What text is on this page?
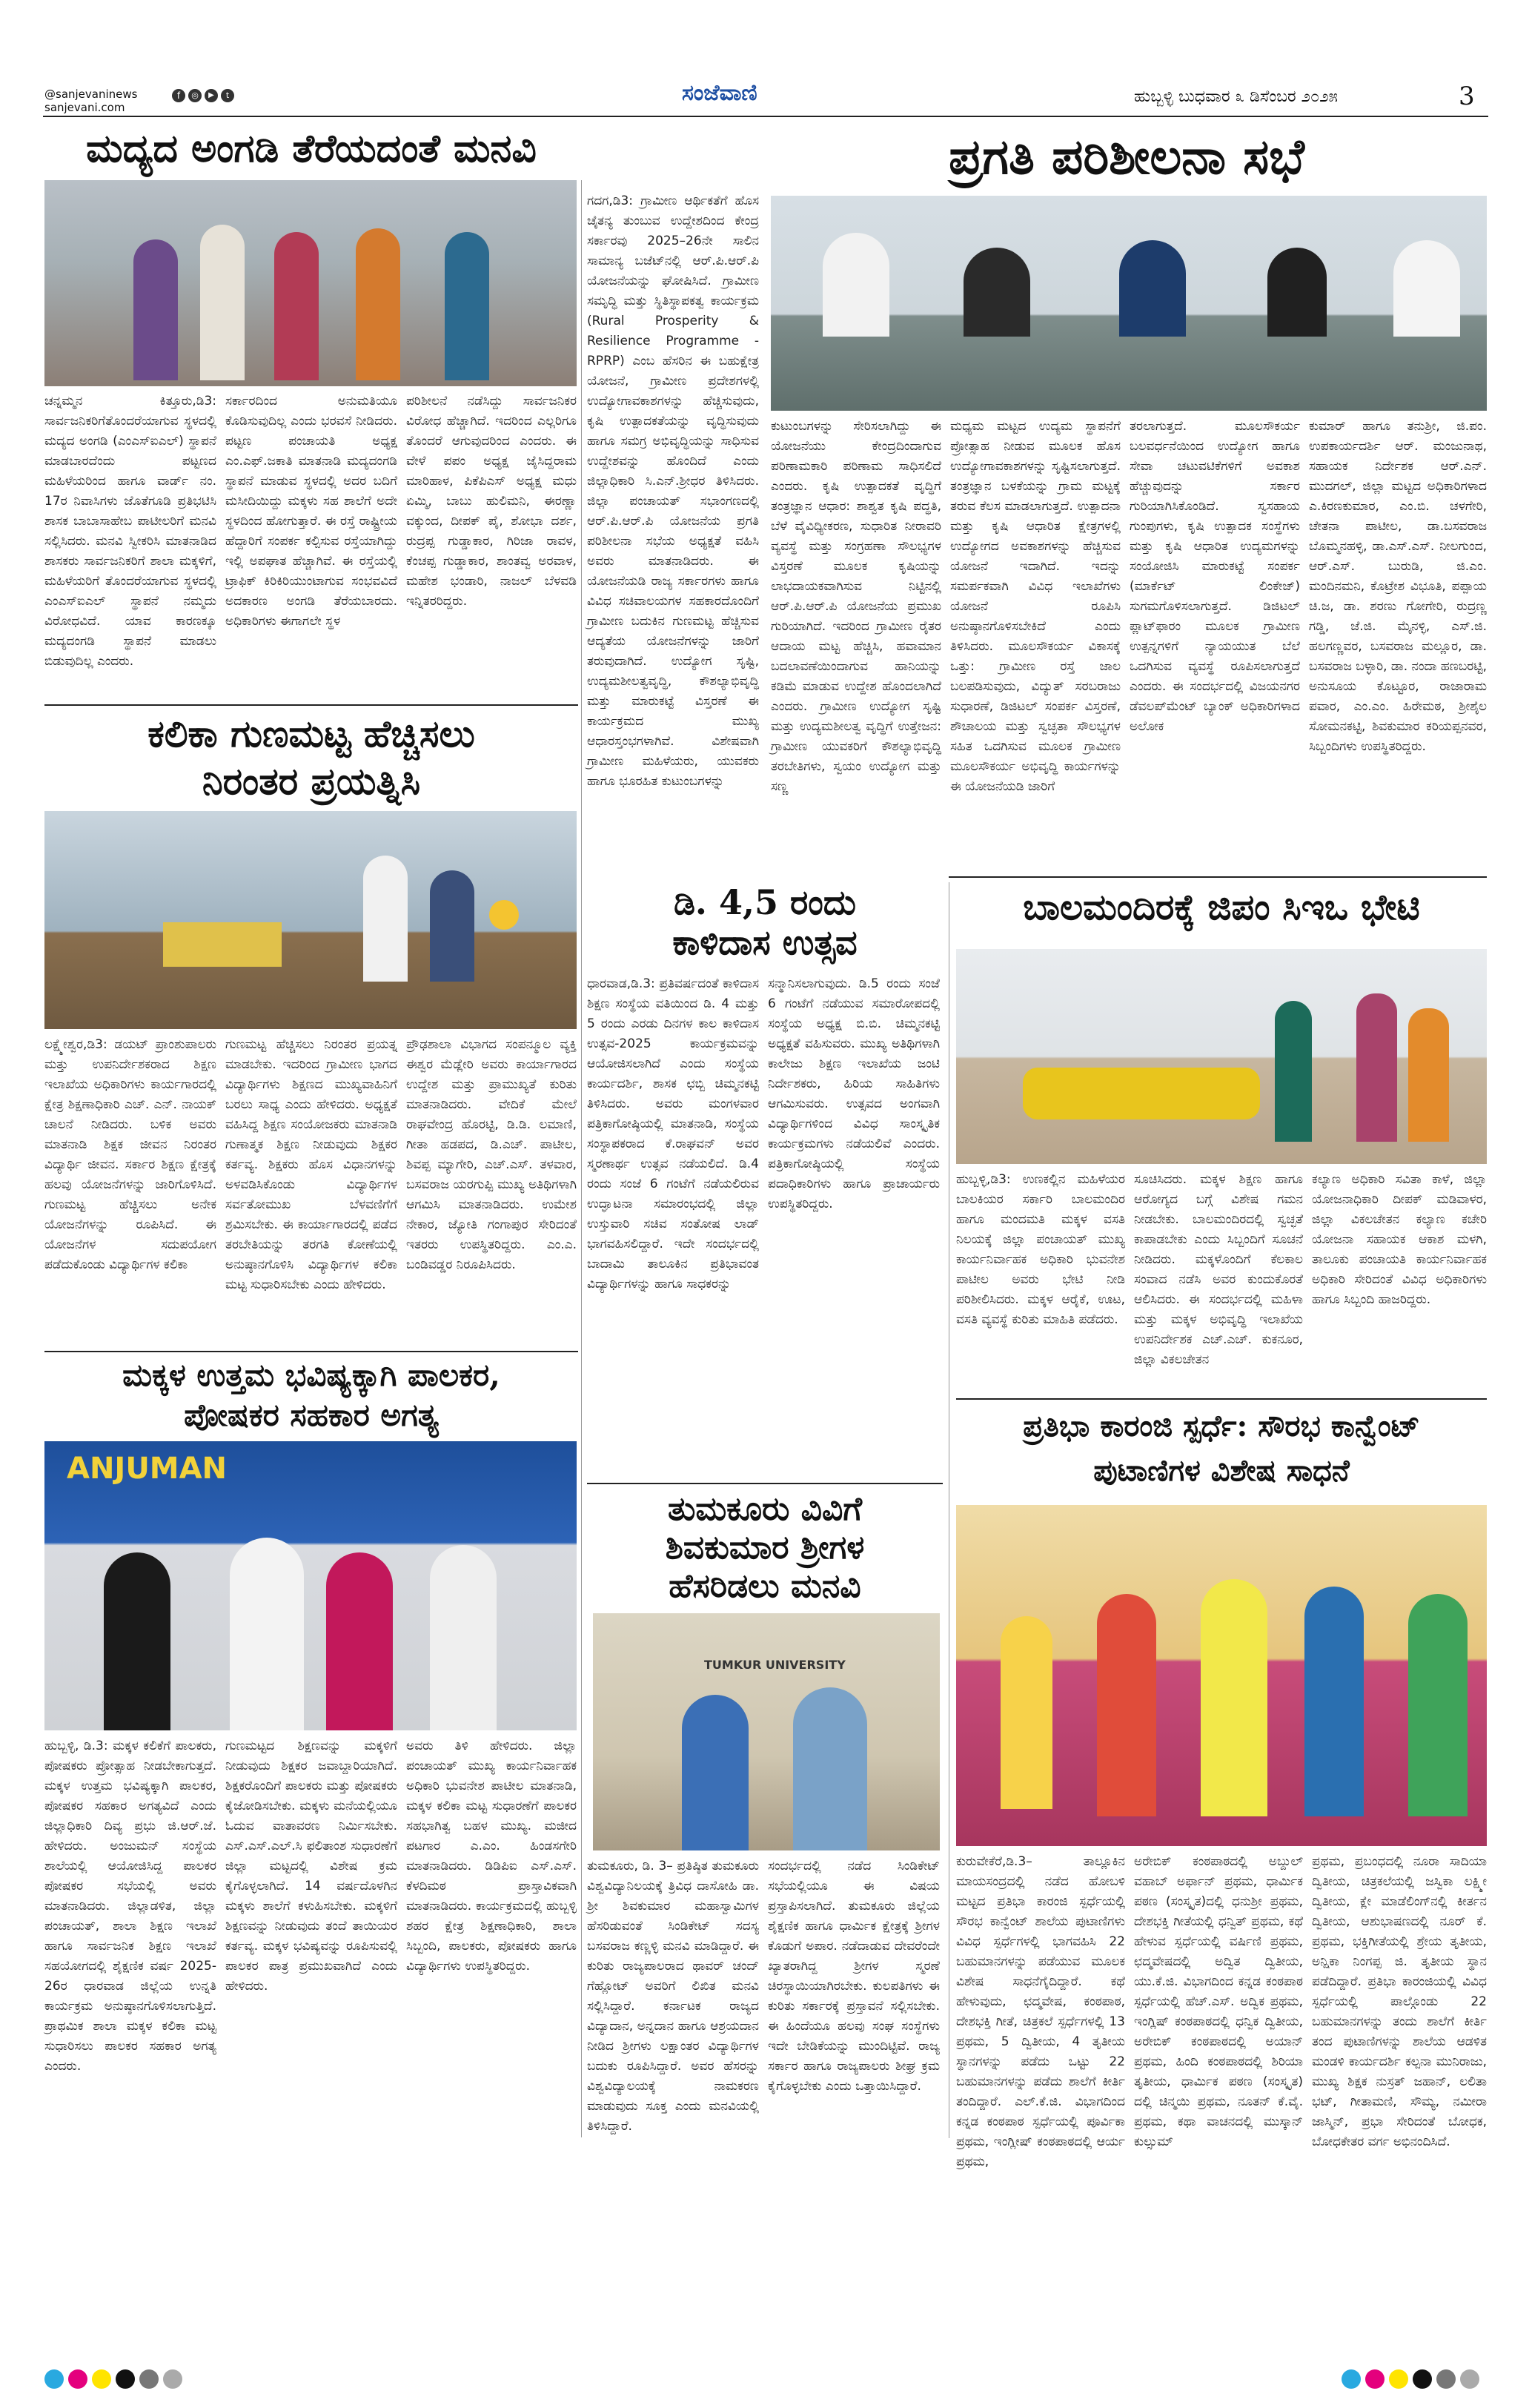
@sanjevaninews
sanjevani.com
f	◎	▶	t	ಸಂಜೆವಾಣಿ	ಹುಬ್ಬಳ್ಳಿ ಬುಧವಾರ ೩ ಡಿಸೆಂಬರ ೨೦೨೫	3
ಮದ್ಯದ ಅಂಗಡಿ ತೆರೆಯದಂತೆ ಮನವಿ
ಚನ್ನಮ್ಮನ ಕಿತ್ತೂರು,ಡಿ3: ಸಾರ್ವಜನಿಕರಿಗೆತೊಂದರೆಯಾಗುವ ಸ್ಥಳದಲ್ಲಿ ಮದ್ಯದ ಅಂಗಡಿ (ಎಂಎಸ್‌ಐಎಲ್) ಸ್ಥಾಪನೆ ಮಾಡಬಾರದೆಂದು ಪಟ್ಟಣದ ಮಹಿಳೆಯರಿಂದ ಹಾಗೂ ವಾರ್ಡ್ ನಂ. 17ರ ನಿವಾಸಿಗಳು ಜೊತೆಗೂಡಿ ಪ್ರತಿಭಟಿಸಿ ಶಾಸಕ ಬಾಬಾಸಾಹೇಬ ಪಾಟೀಲರಿಗೆ ಮನವಿ ಸಲ್ಲಿಸಿದರು. ಮನವಿ ಸ್ವೀಕರಿಸಿ ಮಾತನಾಡಿದ ಶಾಸಕರು ಸಾರ್ವಜನಿಕರಿಗೆ ಶಾಲಾ ಮಕ್ಕಳಿಗೆ, ಮಹಿಳೆಯರಿಗೆ ತೊಂದರೆಯಾಗುವ ಸ್ಥಳದಲ್ಲಿ ಎಂಎಸ್‌ಐಎಲ್ ಸ್ಥಾಪನೆ ನಮ್ಮದು ವಿರೋಧವಿದೆ. ಯಾವ ಕಾರಣಕ್ಕೂ ಮದ್ಯದಂಗಡಿ ಸ್ಥಾಪನೆ ಮಾಡಲು ಬಿಡುವುದಿಲ್ಲ ಎಂದರು.
ಸರ್ಕಾರದಿಂದ ಅನುಮತಿಯೂ ಕೊಡಿಸುವುದಿಲ್ಲ ಎಂದು ಭರವಸೆ ನೀಡಿದರು. ಪಟ್ಟಣ ಪಂಚಾಯತಿ ಅಧ್ಯಕ್ಷ ಎಂ.ಎಫ್.ಜಕಾತಿ ಮಾತನಾಡಿ ಮದ್ಯದಂಗಡಿ ಸ್ಥಾಪನೆ ಮಾಡುವ ಸ್ಥಳದಲ್ಲಿ ಅದರ ಬದಿಗೆ ಮಸೀದಿಯಿದ್ದು ಮಕ್ಕಳು ಸಹ ಶಾಲೆಗೆ ಅದೇ ಸ್ಥಳದಿಂದ ಹೋಗುತ್ತಾರೆ. ಈ ರಸ್ತೆ ರಾಷ್ಟ್ರೀಯ ಹೆದ್ದಾರಿಗೆ ಸಂಪರ್ಕ ಕಲ್ಪಿಸುವ ರಸ್ತೆಯಾಗಿದ್ದು ಇಲ್ಲಿ ಅಪಘಾತ ಹೆಚ್ಚಾಗಿವೆ. ಈ ರಸ್ತೆಯಲ್ಲಿ ಟ್ರಾಫಿಕ್ ಕಿರಿಕಿರಿಯುಂಟಾಗುವ ಸಂಭವವಿದೆ ಅದಕಾರಣ ಅಂಗಡಿ ತೆರೆಯಬಾರದು. ಅಧಿಕಾರಿಗಳು ಈಗಾಗಲೇ ಸ್ಥಳ
ಪರಿಶೀಲನೆ ನಡೆಸಿದ್ದು ಸಾರ್ವಜನಿಕರ ವಿರೋಧ ಹೆಚ್ಚಾಗಿದೆ. ಇದರಿಂದ ಎಲ್ಲರಿಗೂ ತೊಂದರೆ ಆಗುವುದರಿಂದ ಎಂದರು. ಈ ವೇಳೆ ಪಪಂ ಅಧ್ಯಕ್ಷ ಜೈಸಿದ್ದರಾಮ ಮಾರಿಹಾಳ, ಪಿಕೆಪಿಎಸ್ ಅಧ್ಯಕ್ಷ ಮಧು ಏಮ್ಮಿ, ಬಾಬು ಹುಲಿಮನಿ, ಈರಣ್ಣಾ ವಕ್ಕುಂದ, ದೀಪಕ್ ಪೈ, ಶೋಭಾ ದರ್ಶ, ರುದ್ರಪ್ಪ ಗುಡ್ಡಾಕಾರ, ಗಿರಿಜಾ ರಾವಳ, ಕೆಂಚಪ್ಪ ಗುಡ್ಡಾಕಾರ, ಶಾಂತವ್ವ ಅರವಾಳ, ಮಹೇಶ ಭಂಡಾರಿ, ನಾಜಲ್ ಬೆಳವಡಿ ಇನ್ನಿತರರಿದ್ದರು.
ಗದಗ,ಡಿ3: ಗ್ರಾಮೀಣ ಆರ್ಥಿಕತೆಗೆ ಹೊಸ ಚೈತನ್ಯ ತುಂಬುವ ಉದ್ದೇಶದಿಂದ ಕೇಂದ್ರ ಸರ್ಕಾರವು 2025–26ನೇ ಸಾಲಿನ ಸಾಮಾನ್ಯ ಬಜೆಟ್‌ನಲ್ಲಿ ಆರ್.ಪಿ.ಆರ್.ಪಿ ಯೋಜನೆಯನ್ನು ಘೋಷಿಸಿದೆ. ಗ್ರಾಮೀಣ ಸಮೃದ್ಧಿ ಮತ್ತು ಸ್ಥಿತಿಸ್ಥಾಪಕತ್ವ ಕಾರ್ಯಕ್ರಮ (Rural Prosperity & Resilience Programme - RPRP) ಎಂಬ ಹೆಸರಿನ ಈ ಬಹುಕ್ಷೇತ್ರ ಯೋಜನೆ, ಗ್ರಾಮೀಣ ಪ್ರದೇಶಗಳಲ್ಲಿ ಉದ್ಯೋಗಾವಕಾಶಗಳನ್ನು ಹೆಚ್ಚಿಸುವುದು, ಕೃಷಿ ಉತ್ಪಾದಕತೆಯನ್ನು ವೃದ್ಧಿಸುವುದು ಹಾಗೂ ಸಮಗ್ರ ಅಭಿವೃದ್ಧಿಯನ್ನು ಸಾಧಿಸುವ ಉದ್ದೇಶವನ್ನು ಹೊಂದಿದೆ ಎಂದು ಜಿಲ್ಲಾಧಿಕಾರಿ ಸಿ.ಎನ್.ಶ್ರೀಧರ ತಿಳಿಸಿದರು. ಜಿಲ್ಲಾ ಪಂಚಾಯತ್ ಸಭಾಂಗಣದಲ್ಲಿ ಆರ್.ಪಿ.ಆರ್.ಪಿ ಯೋಜನೆಯ ಪ್ರಗತಿ ಪರಿಶೀಲನಾ ಸಭೆಯ ಅಧ್ಯಕ್ಷತೆ ವಹಿಸಿ ಅವರು ಮಾತನಾಡಿದರು. ಈ ಯೋಜನೆಯಡಿ ರಾಜ್ಯ ಸರ್ಕಾರಗಳು ಹಾಗೂ ವಿವಿಧ ಸಚಿವಾಲಯಗಳ ಸಹಕಾರದೊಂದಿಗೆ ಗ್ರಾಮೀಣ ಬದುಕಿನ ಗುಣಮಟ್ಟ ಹೆಚ್ಚಿಸುವ ಆದ್ಯತೆಯ ಯೋಜನೆಗಳನ್ನು ಜಾರಿಗೆ ತರುವುದಾಗಿದೆ. ಉದ್ಯೋಗ ಸೃಷ್ಟಿ, ಉದ್ಯಮಶೀಲತ್ವವೃದ್ಧಿ, ಕೌಶಲ್ಯಾಭಿವೃದ್ಧಿ ಮತ್ತು ಮಾರುಕಟ್ಟೆ ವಿಸ್ತರಣೆ ಈ ಕಾರ್ಯಕ್ರಮದ ಮುಖ್ಯ ಆಧಾರಸ್ತಂಭಗಳಾಗಿವೆ. ವಿಶೇಷವಾಗಿ ಗ್ರಾಮೀಣ ಮಹಿಳೆಯರು, ಯುವಕರು ಹಾಗೂ ಭೂರಹಿತ ಕುಟುಂಬಗಳನ್ನು
ಪ್ರಗತಿ ಪರಿಶೀಲನಾ ಸಭೆ
ಕುಟುಂಬಗಳನ್ನು ಸೇರಿಸಲಾಗಿದ್ದು ಈ ಯೋಜನೆಯು ಕೇಂದ್ರದಿಂದಾಗುವ ಪರಿಣಾಮಕಾರಿ ಪರಿಣಾಮ ಸಾಧಿಸಲಿದೆ ಎಂದರು. ಕೃಷಿ ಉತ್ಪಾದಕತೆ ವೃದ್ಧಿಗೆ ತಂತ್ರಜ್ಞಾನ ಆಧಾರ: ಶಾಶ್ವತ ಕೃಷಿ ಪದ್ಧತಿ, ಬೆಳೆ ವೈವಿಧ್ಯೀಕರಣ, ಸುಧಾರಿತ ನೀರಾವರಿ ವ್ಯವಸ್ಥೆ ಮತ್ತು ಸಂಗ್ರಹಣಾ ಸೌಲಭ್ಯಗಳ ವಿಸ್ತರಣೆ ಮೂಲಕ ಕೃಷಿಯನ್ನು ಲಾಭದಾಯಕವಾಗಿಸುವ ನಿಟ್ಟಿನಲ್ಲಿ ಆರ್.ಪಿ.ಆರ್.ಪಿ ಯೋಜನೆಯ ಪ್ರಮುಖ ಗುರಿಯಾಗಿದೆ. ಇದರಿಂದ ಗ್ರಾಮೀಣ ರೈತರ ಆದಾಯ ಮಟ್ಟ ಹೆಚ್ಚಿಸಿ, ಹವಾಮಾನ ಬದಲಾವಣೆಯಿಂದಾಗುವ ಹಾನಿಯನ್ನು ಕಡಿಮೆ ಮಾಡುವ ಉದ್ದೇಶ ಹೊಂದಲಾಗಿದೆ ಎಂದರು. ಗ್ರಾಮೀಣ ಉದ್ಯೋಗ ಸೃಷ್ಟಿ ಮತ್ತು ಉದ್ಯಮಶೀಲತ್ವ ವೃದ್ಧಿಗೆ ಉತ್ತೇಜನ: ಗ್ರಾಮೀಣ ಯುವಕರಿಗೆ ಕೌಶಲ್ಯಾಭಿವೃದ್ಧಿ ತರಬೇತಿಗಳು, ಸ್ವಯಂ ಉದ್ಯೋಗ ಮತ್ತು ಸಣ್ಣ
ಮಧ್ಯಮ ಮಟ್ಟದ ಉದ್ಯಮ ಸ್ಥಾಪನೆಗೆ ಪ್ರೋತ್ಸಾಹ ನೀಡುವ ಮೂಲಕ ಹೊಸ ಉದ್ಯೋಗಾವಕಾಶಗಳನ್ನು ಸೃಷ್ಟಿಸಲಾಗುತ್ತದೆ. ತಂತ್ರಜ್ಞಾನ ಬಳಕೆಯನ್ನು ಗ್ರಾಮ ಮಟ್ಟಕ್ಕೆ ತರುವ ಕೆಲಸ ಮಾಡಲಾಗುತ್ತದೆ. ಉತ್ಪಾದನಾ ಮತ್ತು ಕೃಷಿ ಆಧಾರಿತ ಕ್ಷೇತ್ರಗಳಲ್ಲಿ ಉದ್ಯೋಗದ ಅವಕಾಶಗಳನ್ನು ಹೆಚ್ಚಿಸುವ ಯೋಜನೆ ಇದಾಗಿದೆ. ಇದನ್ನು ಸಮರ್ಪಕವಾಗಿ ವಿವಿಧ ಇಲಾಖೆಗಳು ಯೋಜನೆ ರೂಪಿಸಿ ಅನುಷ್ಠಾನಗೊಳಿಸಬೇಕಿದೆ ಎಂದು ತಿಳಿಸಿದರು. ಮೂಲಸೌಕರ್ಯ ವಿಕಾಸಕ್ಕೆ ಒತ್ತು: ಗ್ರಾಮೀಣ ರಸ್ತೆ ಜಾಲ ಬಲಪಡಿಸುವುದು, ವಿದ್ಯುತ್ ಸರಬರಾಜು ಸುಧಾರಣೆ, ಡಿಜಿಟಲ್ ಸಂಪರ್ಕ ವಿಸ್ತರಣೆ, ಶೌಚಾಲಯ ಮತ್ತು ಸ್ವಚ್ಛತಾ ಸೌಲಭ್ಯಗಳ ಸಹಿತ ಒದಗಿಸುವ ಮೂಲಕ ಗ್ರಾಮೀಣ ಮೂಲಸೌಕರ್ಯ ಅಭಿವೃದ್ಧಿ ಕಾರ್ಯಗಳನ್ನು ಈ ಯೋಜನೆಯಡಿ ಜಾರಿಗೆ
ತರಲಾಗುತ್ತದೆ. ಮೂಲಸೌಕರ್ಯ ಬಲವರ್ಧನೆಯಿಂದ ಉದ್ಯೋಗ ಹಾಗೂ ಸೇವಾ ಚಟುವಟಿಕೆಗಳಿಗೆ ಅವಕಾಶ ಹೆಚ್ಚುವುದನ್ನು ಸರ್ಕಾರ ಗುರಿಯಾಗಿಸಿಕೊಂಡಿದೆ. ಸ್ವಸಹಾಯ ಗುಂಪುಗಳು, ಕೃಷಿ ಉತ್ಪಾದಕ ಸಂಸ್ಥೆಗಳು ಮತ್ತು ಕೃಷಿ ಆಧಾರಿತ ಉದ್ಯಮಗಳನ್ನು ಸಂಯೋಜಿಸಿ ಮಾರುಕಟ್ಟೆ ಸಂಪರ್ಕ (ಮಾರ್ಕೆಟ್ ಲಿಂಕೇಜ್) ಸುಗಮಗೊಳಿಸಲಾಗುತ್ತದೆ. ಡಿಜಿಟಲ್ ಪ್ಲಾಟ್‌ಫಾರಂ ಮೂಲಕ ಗ್ರಾಮೀಣ ಉತ್ಪನ್ನಗಳಿಗೆ ನ್ಯಾಯಯುತ ಬೆಲೆ ಒದಗಿಸುವ ವ್ಯವಸ್ಥೆ ರೂಪಿಸಲಾಗುತ್ತದೆ ಎಂದರು. ಈ ಸಂದರ್ಭದಲ್ಲಿ ವಿಜಯನಗರ ಡೆವಲಪ್‌ಮೆಂಟ್ ಬ್ಯಾಂಕ್ ಅಧಿಕಾರಿಗಳಾದ ಅಲೋಕ
ಕುಮಾರ್ ಹಾಗೂ ತನುಶ್ರೀ, ಜಿ.ಪಂ. ಉಪಕಾರ್ಯದರ್ಶಿ ಆರ್. ಮಂಜುನಾಥ, ಸಹಾಯಕ ನಿರ್ದೇಶಕ ಆರ್.ಎನ್. ಮುದಗಲ್, ಜಿಲ್ಲಾ ಮಟ್ಟದ ಅಧಿಕಾರಿಗಳಾದ ಎ.ಕಿರಣಕುಮಾರ, ಎಂ.ಬಿ. ಚಳಗೇರಿ, ಚೇತನಾ ಪಾಟೀಲ, ಡಾ.ಬಸವರಾಜ ಬೊಮ್ಮನಹಳ್ಳಿ, ಡಾ.ಎಸ್.ಎಸ್. ನೀಲಗುಂದ, ಆರ್.ಎಸ್. ಬುರುಡಿ, ಜಿ.ಎಂ. ಮಂದಿನಮನಿ, ಕೊಟ್ರೇಶ ವಿಭೂತಿ, ಪಪ್ಪಾಯ ಚಿ.ಜ, ಡಾ. ಶರಣು ಗೋಗೇರಿ, ರುದ್ರಣ್ಣ ಗಡ್ಡಿ, ಜೆ.ಜಿ. ಮೈನಳ್ಳಿ, ಎಸ್.ಜಿ. ಹಲಗಣ್ಣವರ, ಬಸವರಾಜ ಮಲ್ಲೂರ, ಡಾ. ಬಸವರಾಜ ಬಳ್ಳಾರಿ, ಡಾ. ನಂದಾ ಹಣಬರಟ್ಟಿ, ಅನುಸೂಯ ಕೊಟ್ಟೂರ, ರಾಜಾರಾಮ ಪವಾರ, ಎಂ.ಎಂ. ಹಿರೇಮಠ, ಶ್ರೀಶೈಲ ಸೋಮನಕಟ್ಟಿ, ಶಿವಕುಮಾರ ಕರಿಯಪ್ಪನವರ, ಸಿಬ್ಬಂದಿಗಳು ಉಪಸ್ಥಿತರಿದ್ದರು.
ಕಲಿಕಾ ಗುಣಮಟ್ಟ ಹೆಚ್ಚಿಸಲು
ನಿರಂತರ ಪ್ರಯತ್ನಿಸಿ
ಲಕ್ಷ್ಮೇಶ್ವರ,ಡಿ3: ಡಯಟ್ ಪ್ರಾಂಶುಪಾಲರು ಮತ್ತು ಉಪನಿರ್ದೇಶಕರಾದ ಶಿಕ್ಷಣ ಇಲಾಖೆಯ ಅಧಿಕಾರಿಗಳು ಕಾರ್ಯಗಾರದಲ್ಲಿ ಕ್ಷೇತ್ರ ಶಿಕ್ಷಣಾಧಿಕಾರಿ ಎಚ್. ಎನ್. ನಾಯಕ್ ಚಾಲನೆ ನೀಡಿದರು. ಬಳಿಕ ಅವರು ಮಾತನಾಡಿ ಶಿಕ್ಷಕ ಜೀವನ ನಿರಂತರ ವಿದ್ಯಾರ್ಥಿ ಜೀವನ. ಸರ್ಕಾರ ಶಿಕ್ಷಣ ಕ್ಷೇತ್ರಕ್ಕೆ ಹಲವು ಯೋಜನೆಗಳನ್ನು ಜಾರಿಗೊಳಿಸಿದೆ. ಗುಣಮಟ್ಟ ಹೆಚ್ಚಿಸಲು ಅನೇಕ ಯೋಜನೆಗಳನ್ನು ರೂಪಿಸಿದೆ. ಈ ಯೋಜನೆಗಳ ಸದುಪಯೋಗ ಪಡೆದುಕೊಂಡು ವಿದ್ಯಾರ್ಥಿಗಳ ಕಲಿಕಾ
ಗುಣಮಟ್ಟ ಹೆಚ್ಚಿಸಲು ನಿರಂತರ ಪ್ರಯತ್ನ ಮಾಡಬೇಕು. ಇದರಿಂದ ಗ್ರಾಮೀಣ ಭಾಗದ ವಿದ್ಯಾರ್ಥಿಗಳು ಶಿಕ್ಷಣದ ಮುಖ್ಯವಾಹಿನಿಗೆ ಬರಲು ಸಾಧ್ಯ ಎಂದು ಹೇಳಿದರು. ಅಧ್ಯಕ್ಷತೆ ವಹಿಸಿದ್ದ ಶಿಕ್ಷಣ ಸಂಯೋಜಕರು ಮಾತನಾಡಿ ಗುಣಾತ್ಮಕ ಶಿಕ್ಷಣ ನೀಡುವುದು ಶಿಕ್ಷಕರ ಕರ್ತವ್ಯ. ಶಿಕ್ಷಕರು ಹೊಸ ವಿಧಾನಗಳನ್ನು ಅಳವಡಿಸಿಕೊಂಡು ವಿದ್ಯಾರ್ಥಿಗಳ ಸರ್ವತೋಮುಖ ಬೆಳವಣಿಗೆಗೆ ಶ್ರಮಿಸಬೇಕು. ಈ ಕಾರ್ಯಾಗಾರದಲ್ಲಿ ಪಡೆದ ತರಬೇತಿಯನ್ನು ತರಗತಿ ಕೋಣೆಯಲ್ಲಿ ಅನುಷ್ಠಾನಗೊಳಿಸಿ ವಿದ್ಯಾರ್ಥಿಗಳ ಕಲಿಕಾ ಮಟ್ಟ ಸುಧಾರಿಸಬೇಕು ಎಂದು ಹೇಳಿದರು.
ಪ್ರೌಢಶಾಲಾ ವಿಭಾಗದ ಸಂಪನ್ಮೂಲ ವ್ಯಕ್ತಿ ಈಶ್ವರ ಮೆಡ್ಲೇರಿ ಅವರು ಕಾರ್ಯಾಗಾರದ ಉದ್ದೇಶ ಮತ್ತು ಪ್ರಾಮುಖ್ಯತೆ ಕುರಿತು ಮಾತನಾಡಿದರು. ವೇದಿಕೆ ಮೇಲೆ ರಾಘವೇಂದ್ರ ಹೊರಟ್ಟಿ, ಡಿ.ಡಿ. ಲಮಾಣಿ, ಗೀತಾ ಹಡಪದ, ಡಿ.ಎಚ್. ಪಾಟೀಲ, ಶಿವಪ್ಪ ಮ್ಯಾಗೇರಿ, ಎಚ್.ಎಸ್. ತಳವಾರ, ಬಸವರಾಜ ಯರಗುಪ್ಪಿ ಮುಖ್ಯ ಅತಿಥಿಗಳಾಗಿ ಆಗಮಿಸಿ ಮಾತನಾಡಿದರು. ಉಮೇಶ ನೇಕಾರ, ಜ್ಯೋತಿ ಗಂಗಾಪುರ ಸೇರಿದಂತೆ ಇತರರು ಉಪಸ್ಥಿತರಿದ್ದರು. ಎಂ.ಎ. ಬಂಡಿವಡ್ಡರ ನಿರೂಪಿಸಿದರು.
ಡಿ. 4,5 ರಂದು
ಕಾಳಿದಾಸ ಉತ್ಸವ
ಧಾರವಾಡ,ಡಿ.3: ಪ್ರತಿವರ್ಷದಂತೆ ಕಾಳಿದಾಸ ಶಿಕ್ಷಣ ಸಂಸ್ಥೆಯ ವತಿಯಿಂದ ಡಿ. 4 ಮತ್ತು 5 ರಂದು ಎರಡು ದಿನಗಳ ಕಾಲ ಕಾಳಿದಾಸ ಉತ್ಸವ-2025 ಕಾರ್ಯಕ್ರಮವನ್ನು ಆಯೋಜಿಸಲಾಗಿದೆ ಎಂದು ಸಂಸ್ಥೆಯ ಕಾರ್ಯದರ್ಶಿ, ಶಾಸಕ ಛಬ್ಬಿ ಚಿಮ್ಮನಕಟ್ಟಿ ತಿಳಿಸಿದರು. ಅವರು ಮಂಗಳವಾರ ಪತ್ರಿಕಾಗೋಷ್ಠಿಯಲ್ಲಿ ಮಾತನಾಡಿ, ಸಂಸ್ಥೆಯ ಸಂಸ್ಥಾಪಕರಾದ ಕೆ.ರಾಘವನ್ ಅವರ ಸ್ಮರಣಾರ್ಥ ಉತ್ಸವ ನಡೆಯಲಿದೆ. ಡಿ.4 ರಂದು ಸಂಜೆ 6 ಗಂಟೆಗೆ ನಡೆಯಲಿರುವ ಉದ್ಘಾಟನಾ ಸಮಾರಂಭದಲ್ಲಿ ಜಿಲ್ಲಾ ಉಸ್ತುವಾರಿ ಸಚಿವ ಸಂತೋಷ ಲಾಡ್ ಭಾಗವಹಿಸಲಿದ್ದಾರೆ. ಇದೇ ಸಂದರ್ಭದಲ್ಲಿ ಬಾದಾಮಿ ತಾಲೂಕಿನ ಪ್ರತಿಭಾವಂತ ವಿದ್ಯಾರ್ಥಿಗಳನ್ನು ಹಾಗೂ ಸಾಧಕರನ್ನು
ಸನ್ಮಾನಿಸಲಾಗುವುದು. ಡಿ.5 ರಂದು ಸಂಜೆ 6 ಗಂಟೆಗೆ ನಡೆಯುವ ಸಮಾರೋಪದಲ್ಲಿ ಸಂಸ್ಥೆಯ ಅಧ್ಯಕ್ಷ ಬಿ.ಬಿ. ಚಿಮ್ಮನಕಟ್ಟಿ ಅಧ್ಯಕ್ಷತೆ ವಹಿಸುವರು. ಮುಖ್ಯ ಅತಿಥಿಗಳಾಗಿ ಕಾಲೇಜು ಶಿಕ್ಷಣ ಇಲಾಖೆಯ ಜಂಟಿ ನಿರ್ದೇಶಕರು, ಹಿರಿಯ ಸಾಹಿತಿಗಳು ಆಗಮಿಸುವರು. ಉತ್ಸವದ ಅಂಗವಾಗಿ ವಿದ್ಯಾರ್ಥಿಗಳಿಂದ ವಿವಿಧ ಸಾಂಸ್ಕೃತಿಕ ಕಾರ್ಯಕ್ರಮಗಳು ನಡೆಯಲಿವೆ ಎಂದರು. ಪತ್ರಿಕಾಗೋಷ್ಠಿಯಲ್ಲಿ ಸಂಸ್ಥೆಯ ಪದಾಧಿಕಾರಿಗಳು ಹಾಗೂ ಪ್ರಾಚಾರ್ಯರು ಉಪಸ್ಥಿತರಿದ್ದರು.
ಬಾಲಮಂದಿರಕ್ಕೆ ಜಿಪಂ ಸಿಇಒ ಭೇಟಿ
ಹುಬ್ಬಳ್ಳಿ,ಡಿ3: ಉಣಕಲ್ಲಿನ ಮಹಿಳೆಯರ ಬಾಲಕಿಯರ ಸರ್ಕಾರಿ ಬಾಲಮಂದಿರ ಹಾಗೂ ಮಂದಮತಿ ಮಕ್ಕಳ ವಸತಿ ನಿಲಯಕ್ಕೆ ಜಿಲ್ಲಾ ಪಂಚಾಯತ್ ಮುಖ್ಯ ಕಾರ್ಯನಿರ್ವಾಹಕ ಅಧಿಕಾರಿ ಭುವನೇಶ ಪಾಟೀಲ ಅವರು ಭೇಟಿ ನೀಡಿ ಪರಿಶೀಲಿಸಿದರು. ಮಕ್ಕಳ ಆರೈಕೆ, ಊಟ, ವಸತಿ ವ್ಯವಸ್ಥೆ ಕುರಿತು ಮಾಹಿತಿ ಪಡೆದರು.
ಸೂಚಿಸಿದರು. ಮಕ್ಕಳ ಶಿಕ್ಷಣ ಹಾಗೂ ಆರೋಗ್ಯದ ಬಗ್ಗೆ ವಿಶೇಷ ಗಮನ ನೀಡಬೇಕು. ಬಾಲಮಂದಿರದಲ್ಲಿ ಸ್ವಚ್ಛತೆ ಕಾಪಾಡಬೇಕು ಎಂದು ಸಿಬ್ಬಂದಿಗೆ ಸೂಚನೆ ನೀಡಿದರು. ಮಕ್ಕಳೊಂದಿಗೆ ಕೆಲಕಾಲ ಸಂವಾದ ನಡೆಸಿ ಅವರ ಕುಂದುಕೊರತೆ ಆಲಿಸಿದರು. ಈ ಸಂದರ್ಭದಲ್ಲಿ ಮಹಿಳಾ ಮತ್ತು ಮಕ್ಕಳ ಅಭಿವೃದ್ಧಿ ಇಲಾಖೆಯ ಉಪನಿರ್ದೇಶಕ ಎಚ್.ಎಚ್. ಕುಕನೂರ, ಜಿಲ್ಲಾ ವಿಕಲಚೇತನ
ಕಲ್ಯಾಣ ಅಧಿಕಾರಿ ಸವಿತಾ ಕಾಳೆ, ಜಿಲ್ಲಾ ಯೋಜನಾಧಿಕಾರಿ ದೀಪಕ್ ಮಡಿವಾಳರ, ಜಿಲ್ಲಾ ವಿಕಲಚೇತನ ಕಲ್ಯಾಣ ಕಚೇರಿ ಯೋಜನಾ ಸಹಾಯಕ ಆಕಾಶ ಮಳಗಿ, ತಾಲೂಕು ಪಂಚಾಯತಿ ಕಾರ್ಯನಿರ್ವಾಹಕ ಅಧಿಕಾರಿ ಸೇರಿದಂತೆ ವಿವಿಧ ಅಧಿಕಾರಿಗಳು ಹಾಗೂ ಸಿಬ್ಬಂದಿ ಹಾಜರಿದ್ದರು.
ಮಕ್ಕಳ ಉತ್ತಮ ಭವಿಷ್ಯಕ್ಕಾಗಿ ಪಾಲಕರ,
ಪೋಷಕರ ಸಹಕಾರ ಅಗತ್ಯ
ANJUMAN
ಹುಬ್ಬಳ್ಳಿ, ಡಿ.3: ಮಕ್ಕಳ ಕಲಿಕೆಗೆ ಪಾಲಕರು, ಪೋಷಕರು ಪ್ರೋತ್ಸಾಹ ನೀಡಬೇಕಾಗುತ್ತದೆ. ಮಕ್ಕಳ ಉತ್ತಮ ಭವಿಷ್ಯಕ್ಕಾಗಿ ಪಾಲಕರ, ಪೋಷಕರ ಸಹಕಾರ ಅಗತ್ಯವಿದೆ ಎಂದು ಜಿಲ್ಲಾಧಿಕಾರಿ ದಿವ್ಯ ಪ್ರಭು ಜಿ.ಆರ್.ಜೆ. ಹೇಳಿದರು. ಅಂಜುಮನ್ ಸಂಸ್ಥೆಯ ಶಾಲೆಯಲ್ಲಿ ಆಯೋಜಿಸಿದ್ದ ಪಾಲಕರ ಪೋಷಕರ ಸಭೆಯಲ್ಲಿ ಅವರು ಮಾತನಾಡಿದರು. ಜಿಲ್ಲಾಡಳಿತ, ಜಿಲ್ಲಾ ಪಂಚಾಯತ್, ಶಾಲಾ ಶಿಕ್ಷಣ ಇಲಾಖೆ ಹಾಗೂ ಸಾರ್ವಜನಿಕ ಶಿಕ್ಷಣ ಇಲಾಖೆ ಸಹಯೋಗದಲ್ಲಿ ಶೈಕ್ಷಣಿಕ ವರ್ಷ 2025-26ರ ಧಾರವಾಡ ಜಿಲ್ಲೆಯ ಉನ್ನತಿ ಕಾರ್ಯಕ್ರಮ ಅನುಷ್ಠಾನಗೊಳಿಸಲಾಗುತ್ತಿದೆ. ಪ್ರಾಥಮಿಕ ಶಾಲಾ ಮಕ್ಕಳ ಕಲಿಕಾ ಮಟ್ಟ ಸುಧಾರಿಸಲು ಪಾಲಕರ ಸಹಕಾರ ಅಗತ್ಯ ಎಂದರು.
ಗುಣಮಟ್ಟದ ಶಿಕ್ಷಣವನ್ನು ಮಕ್ಕಳಿಗೆ ನೀಡುವುದು ಶಿಕ್ಷಕರ ಜವಾಬ್ದಾರಿಯಾಗಿದೆ. ಶಿಕ್ಷಕರೊಂದಿಗೆ ಪಾಲಕರು ಮತ್ತು ಪೋಷಕರು ಕೈಜೋಡಿಸಬೇಕು. ಮಕ್ಕಳು ಮನೆಯಲ್ಲಿಯೂ ಓದುವ ವಾತಾವರಣ ನಿರ್ಮಿಸಬೇಕು. ಎಸ್.ಎಸ್.ಎಲ್.ಸಿ ಫಲಿತಾಂಶ ಸುಧಾರಣೆಗೆ ಜಿಲ್ಲಾ ಮಟ್ಟದಲ್ಲಿ ವಿಶೇಷ ಕ್ರಮ ಕೈಗೊಳ್ಳಲಾಗಿದೆ. 14 ವರ್ಷದೊಳಗಿನ ಮಕ್ಕಳು ಶಾಲೆಗೆ ಕಳುಹಿಸಬೇಕು. ಮಕ್ಕಳಿಗೆ ಶಿಕ್ಷಣವನ್ನು ನೀಡುವುದು ತಂದೆ ತಾಯಿಯರ ಕರ್ತವ್ಯ. ಮಕ್ಕಳ ಭವಿಷ್ಯವನ್ನು ರೂಪಿಸುವಲ್ಲಿ ಪಾಲಕರ ಪಾತ್ರ ಪ್ರಮುಖವಾಗಿದೆ ಎಂದು ಹೇಳಿದರು.
ಅವರು ತಿಳಿ ಹೇಳಿದರು. ಜಿಲ್ಲಾ ಪಂಚಾಯತ್ ಮುಖ್ಯ ಕಾರ್ಯನಿರ್ವಾಹಕ ಅಧಿಕಾರಿ ಭುವನೇಶ ಪಾಟೀಲ ಮಾತನಾಡಿ, ಮಕ್ಕಳ ಕಲಿಕಾ ಮಟ್ಟ ಸುಧಾರಣೆಗೆ ಪಾಲಕರ ಸಹಭಾಗಿತ್ವ ಬಹಳ ಮುಖ್ಯ. ಮಜೀದ ಪಟಗಾರ ಎ.ಎಂ. ಹಿಂಡಸಗೇರಿ ಮಾತನಾಡಿದರು. ಡಿಡಿಪಿಐ ಎಸ್.ಎಸ್. ಕೆಳದಿಮಠ ಪ್ರಾಸ್ತಾವಿಕವಾಗಿ ಮಾತನಾಡಿದರು. ಕಾರ್ಯಕ್ರಮದಲ್ಲಿ ಹುಬ್ಬಳ್ಳಿ ಶಹರ ಕ್ಷೇತ್ರ ಶಿಕ್ಷಣಾಧಿಕಾರಿ, ಶಾಲಾ ಸಿಬ್ಬಂದಿ, ಪಾಲಕರು, ಪೋಷಕರು ಹಾಗೂ ವಿದ್ಯಾರ್ಥಿಗಳು ಉಪಸ್ಥಿತರಿದ್ದರು.
ತುಮಕೂರು ವಿವಿಗೆ
ಶಿವಕುಮಾರ ಶ್ರೀಗಳ
ಹೆಸರಿಡಲು ಮನವಿ
TUMKUR UNIVERSITY
ತುಮಕೂರು, ಡಿ. 3– ಪ್ರತಿಷ್ಠಿತ ತುಮಕೂರು ವಿಶ್ವವಿದ್ಯಾನಿಲಯಕ್ಕೆ ತ್ರಿವಿಧ ದಾಸೋಹಿ ಡಾ. ಶ್ರೀ ಶಿವಕುಮಾರ ಮಹಾಸ್ವಾಮಿಗಳ ಹೆಸರಿಡುವಂತೆ ಸಿಂಡಿಕೇಟ್ ಸದಸ್ಯ ಬಸವರಾಜ ಕಣ್ಣಳ್ಳಿ ಮನವಿ ಮಾಡಿದ್ದಾರೆ. ಈ ಕುರಿತು ರಾಜ್ಯಪಾಲರಾದ ಥಾವರ್ ಚಂದ್ ಗೆಹ್ಲೋಟ್ ಅವರಿಗೆ ಲಿಖಿತ ಮನವಿ ಸಲ್ಲಿಸಿದ್ದಾರೆ. ಕರ್ನಾಟಕ ರಾಜ್ಯದ ವಿದ್ಯಾದಾನ, ಅನ್ನದಾನ ಹಾಗೂ ಆಶ್ರಯದಾನ ನೀಡಿದ ಶ್ರೀಗಳು ಲಕ್ಷಾಂತರ ವಿದ್ಯಾರ್ಥಿಗಳ ಬದುಕು ರೂಪಿಸಿದ್ದಾರೆ. ಅವರ ಹೆಸರನ್ನು ವಿಶ್ವವಿದ್ಯಾಲಯಕ್ಕೆ ನಾಮಕರಣ ಮಾಡುವುದು ಸೂಕ್ತ ಎಂದು ಮನವಿಯಲ್ಲಿ ತಿಳಿಸಿದ್ದಾರೆ.
ಸಂದರ್ಭದಲ್ಲಿ ನಡೆದ ಸಿಂಡಿಕೇಟ್ ಸಭೆಯಲ್ಲಿಯೂ ಈ ವಿಷಯ ಪ್ರಸ್ತಾಪಿಸಲಾಗಿದೆ. ತುಮಕೂರು ಜಿಲ್ಲೆಯ ಶೈಕ್ಷಣಿಕ ಹಾಗೂ ಧಾರ್ಮಿಕ ಕ್ಷೇತ್ರಕ್ಕೆ ಶ್ರೀಗಳ ಕೊಡುಗೆ ಅಪಾರ. ನಡೆದಾಡುವ ದೇವರೆಂದೇ ಖ್ಯಾತರಾಗಿದ್ದ ಶ್ರೀಗಳ ಸ್ಮರಣೆ ಚಿರಸ್ಥಾಯಿಯಾಗಿರಬೇಕು. ಕುಲಪತಿಗಳು ಈ ಕುರಿತು ಸರ್ಕಾರಕ್ಕೆ ಪ್ರಸ್ತಾವನೆ ಸಲ್ಲಿಸಬೇಕು. ಈ ಹಿಂದೆಯೂ ಹಲವು ಸಂಘ ಸಂಸ್ಥೆಗಳು ಇದೇ ಬೇಡಿಕೆಯನ್ನು ಮುಂದಿಟ್ಟಿವೆ. ರಾಜ್ಯ ಸರ್ಕಾರ ಹಾಗೂ ರಾಜ್ಯಪಾಲರು ಶೀಘ್ರ ಕ್ರಮ ಕೈಗೊಳ್ಳಬೇಕು ಎಂದು ಒತ್ತಾಯಿಸಿದ್ದಾರೆ.
ಪ್ರತಿಭಾ ಕಾರಂಜಿ ಸ್ಪರ್ಧೆ: ಸೌರಭ ಕಾನ್ವೆಂಟ್
ಪುಟಾಣಿಗಳ ವಿಶೇಷ ಸಾಧನೆ
ಕುರುವೇಕೆರೆ,ಡಿ.3– ತಾಲ್ಲೂಕಿನ ಮಾಯಸಂದ್ರದಲ್ಲಿ ನಡೆದ ಹೋಬಳಿ ಮಟ್ಟದ ಪ್ರತಿಭಾ ಕಾರಂಜಿ ಸ್ಪರ್ಧೆಯಲ್ಲಿ ಸೌರಭ ಕಾನ್ವೆಂಟ್ ಶಾಲೆಯ ಪುಟಾಣಿಗಳು ವಿವಿಧ ಸ್ಪರ್ಧೆಗಳಲ್ಲಿ ಭಾಗವಹಿಸಿ 22 ಬಹುಮಾನಗಳನ್ನು ಪಡೆಯುವ ಮೂಲಕ ವಿಶೇಷ ಸಾಧನೆಗೈದಿದ್ದಾರೆ. ಕಥೆ ಹೇಳುವುದು, ಛದ್ಮವೇಷ, ಕಂಠಪಾಠ, ದೇಶಭಕ್ತಿ ಗೀತೆ, ಚಿತ್ರಕಲೆ ಸ್ಪರ್ಧೆಗಳಲ್ಲಿ 13 ಪ್ರಥಮ, 5 ದ್ವಿತೀಯ, 4 ತೃತೀಯ ಸ್ಥಾನಗಳನ್ನು ಪಡೆದು ಒಟ್ಟು 22 ಬಹುಮಾನಗಳನ್ನು ಪಡೆದು ಶಾಲೆಗೆ ಕೀರ್ತಿ ತಂದಿದ್ದಾರೆ. ಎಲ್.ಕೆ.ಜಿ. ವಿಭಾಗದಿಂದ ಕನ್ನಡ ಕಂಠಪಾಠ ಸ್ಪರ್ಧೆಯಲ್ಲಿ ಪೂರ್ವಿಕಾ ಪ್ರಥಮ, ಇಂಗ್ಲೀಷ್ ಕಂಠಪಾಠದಲ್ಲಿ ಆರ್ಯ ಪ್ರಥಮ,
ಅರೇಬಿಕ್ ಕಂಠಪಾಠದಲ್ಲಿ ಅಬ್ದುಲ್ ವಹಾಬ್ ಅರ್ಫಾನ್ ಪ್ರಥಮ, ಧಾರ್ಮಿಕ ಪಠಣ (ಸಂಸ್ಕೃತ)ದಲ್ಲಿ ಧನುಶ್ರೀ ಪ್ರಥಮ, ದೇಶಭಕ್ತಿ ಗೀತೆಯಲ್ಲಿ ಧನ್ವಿತ್ ಪ್ರಥಮ, ಕಥೆ ಹೇಳುವ ಸ್ಪರ್ಧೆಯಲ್ಲಿ ವರ್ಷಿಣಿ ಪ್ರಥಮ, ಛದ್ಮವೇಷದಲ್ಲಿ ಅದ್ವಿತ ದ್ವಿತೀಯ, ಯು.ಕೆ.ಜಿ. ವಿಭಾಗದಿಂದ ಕನ್ನಡ ಕಂಠಪಾಠ ಸ್ಪರ್ಧೆಯಲ್ಲಿ ಹೆಚ್.ಎಸ್. ಅದ್ವಿಕ ಪ್ರಥಮ, ಇಂಗ್ಲಿಷ್ ಕಂಠಪಾಠದಲ್ಲಿ ಧನ್ವಿಕ ದ್ವಿತೀಯ, ಅರೇಬಿಕ್ ಕಂಠಪಾಠದಲ್ಲಿ ಅಯಾನ್ ಪ್ರಥಮ, ಹಿಂದಿ ಕಂಠಪಾಠದಲ್ಲಿ ಶಿರಿಯಾ ತೃತೀಯ, ಧಾರ್ಮಿಕ ಪಠಣ (ಸಂಸ್ಕೃತ) ದಲ್ಲಿ ಚಿನ್ಮಯಿ ಪ್ರಥಮ, ನೂತನ್ ಕೆ.ವೈ. ಪ್ರಥಮ, ಕಥಾ ವಾಚನದಲ್ಲಿ ಮುಸ್ಕಾನ್ ಕುಲ್ಸುಮ್
ಪ್ರಥಮ, ಪ್ರಬಂಧದಲ್ಲಿ ನೂರಾ ಸಾದಿಯಾ ದ್ವಿತೀಯ, ಚಿತ್ರಕಲೆಯಲ್ಲಿ ಜಸ್ವಿಕಾ ಲಕ್ಷ್ಮೀ ದ್ವಿತೀಯ, ಕ್ಲೇ ಮಾಡೆಲಿಂಗ್‌ನಲ್ಲಿ ಕೀರ್ತನ ದ್ವಿತೀಯ, ಆಶುಭಾಷಣದಲ್ಲಿ ನೂರ್ ಕೆ. ಪ್ರಥಮ, ಭಕ್ತಿಗೀತೆಯಲ್ಲಿ ಶ್ರೇಯ ತೃತೀಯ, ಅನ್ಷಿಕಾ ನಿಂಗಪ್ಪ ಜಿ. ತೃತೀಯ ಸ್ಥಾನ ಪಡೆದಿದ್ದಾರೆ. ಪ್ರತಿಭಾ ಕಾರಂಜಿಯಲ್ಲಿ ವಿವಿಧ ಸ್ಪರ್ಧೆಯಲ್ಲಿ ಪಾಲ್ಗೊಂಡು 22 ಬಹುಮಾನಗಳನ್ನು ತಂದು ಶಾಲೆಗೆ ಕೀರ್ತಿ ತಂದ ಪುಟಾಣಿಗಳನ್ನು ಶಾಲೆಯ ಆಡಳಿತ ಮಂಡಳಿ ಕಾರ್ಯದರ್ಶಿ ಕಲ್ಪನಾ ಮುನಿರಾಜು, ಮುಖ್ಯ ಶಿಕ್ಷಕ ನುಸ್ರತ್ ಜಹಾನ್, ಲಲಿತಾ ಭಟ್, ಗೀತಾಮಣಿ, ಸೌಮ್ಯ, ನಮೀರಾ ಜಾಸ್ಮಿನ್, ಪ್ರಭಾ ಸೇರಿದಂತೆ ಬೋಧಕ, ಬೋಧಕೇತರ ವರ್ಗ ಅಭಿನಂದಿಸಿದೆ.
